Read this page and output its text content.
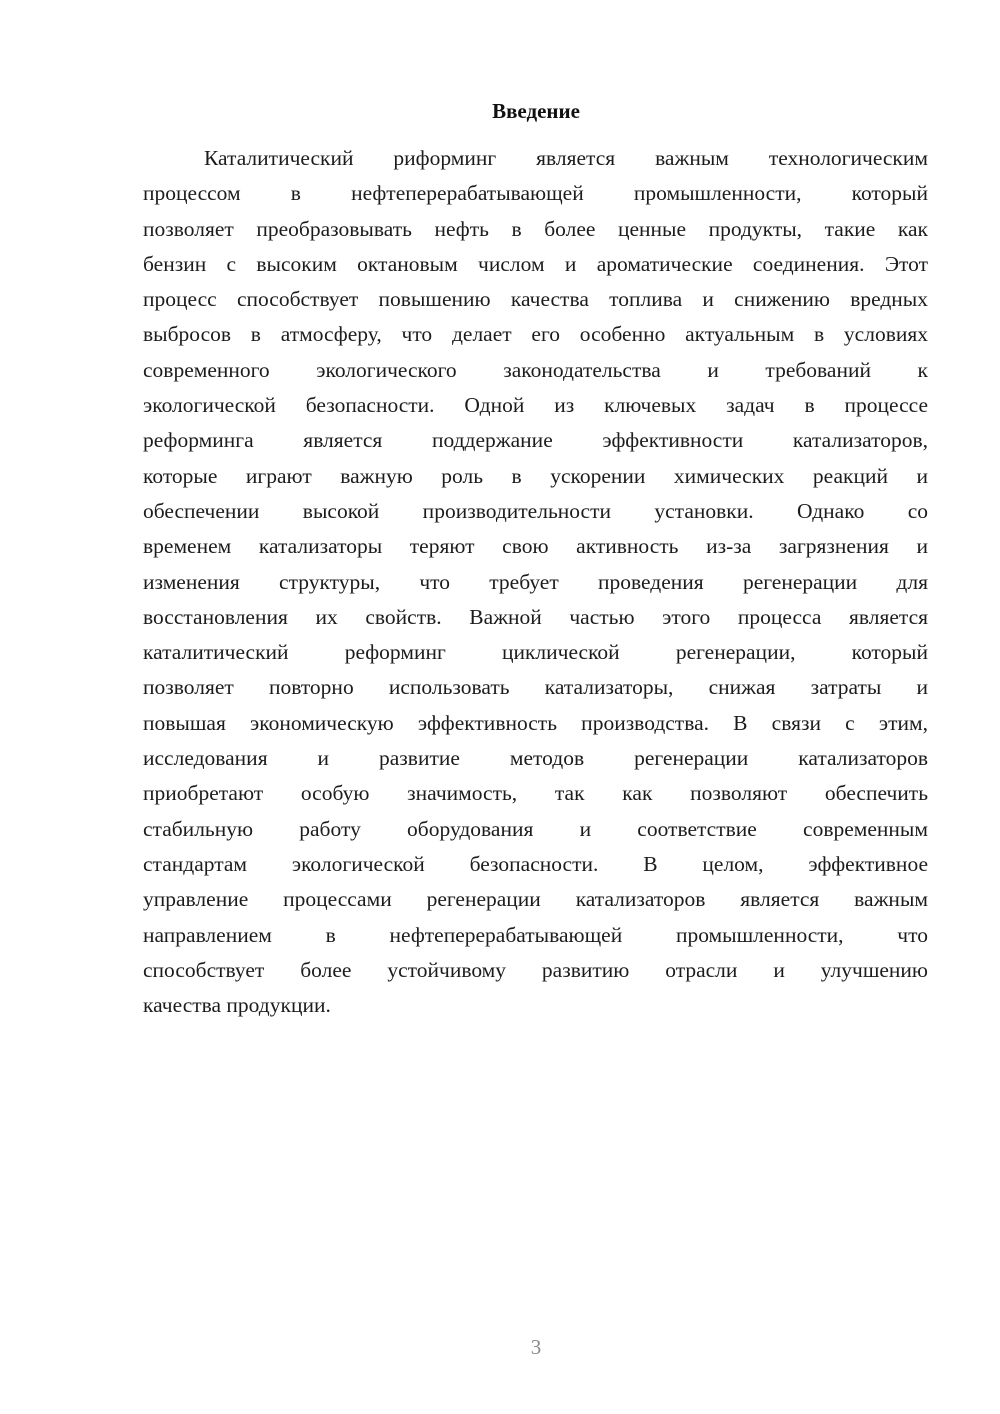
Введение
Каталитический риформинг является важным технологическим
процессом в нефтеперерабатывающей промышленности, который
позволяет преобразовывать нефть в более ценные продукты, такие как
бензин с высоким октановым числом и ароматические соединения. Этот
процесс способствует повышению качества топлива и снижению вредных
выбросов в атмосферу, что делает его особенно актуальным в условиях
современного экологического законодательства и требований к
экологической безопасности. Одной из ключевых задач в процессе
реформинга является поддержание эффективности катализаторов,
которые играют важную роль в ускорении химических реакций и
обеспечении высокой производительности установки. Однако со
временем катализаторы теряют свою активность из-за загрязнения и
изменения структуры, что требует проведения регенерации для
восстановления их свойств. Важной частью этого процесса является
каталитический реформинг циклической регенерации, который
позволяет повторно использовать катализаторы, снижая затраты и
повышая экономическую эффективность производства. В связи с этим,
исследования и развитие методов регенерации катализаторов
приобретают особую значимость, так как позволяют обеспечить
стабильную работу оборудования и соответствие современным
стандартам экологической безопасности. В целом, эффективное
управление процессами регенерации катализаторов является важным
направлением в нефтеперерабатывающей промышленности, что
способствует более устойчивому развитию отрасли и улучшению
качества продукции.
3
